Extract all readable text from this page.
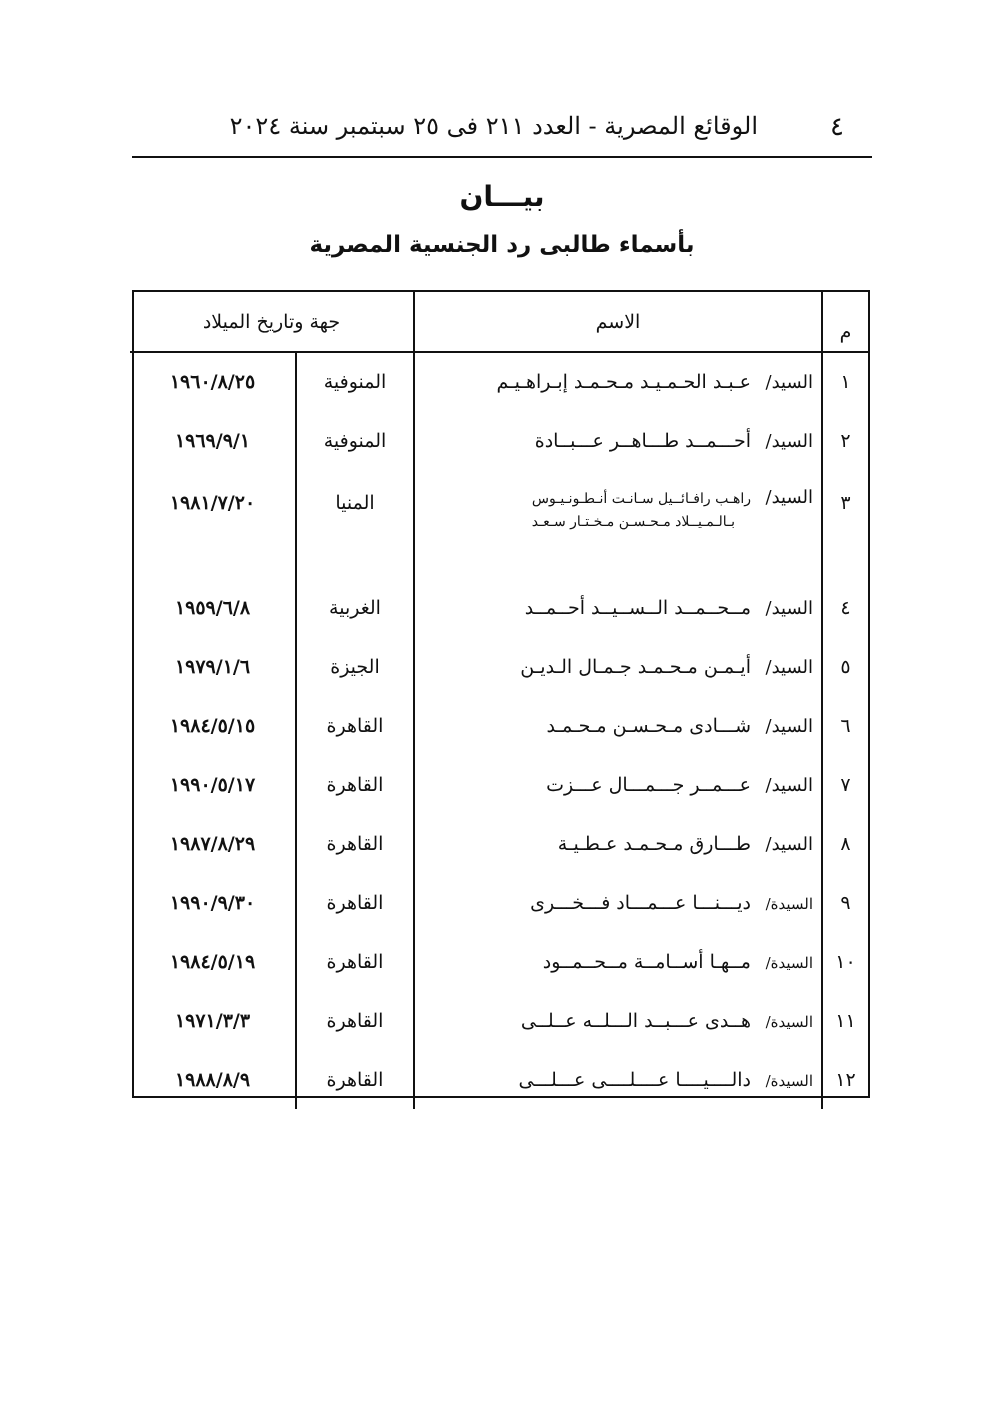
٤
الوقائع المصرية - العدد ٢١١ فى ٢٥ سبتمبر سنة ٢٠٢٤
بيـــان
بأسماء طالبى رد الجنسية المصرية
م	الاسم	جهة وتاريخ الميلاد	
١	السيد/عـبـد الحـمـيـد مـحـمـد إبـراهـيـم	المنوفية	١٩٦٠/٨/٢٥
٢	السيد/أحـــمــد طـــاهــر عـــبــادة	المنوفية	١٩٦٩/٩/١
٣	السيد/راهـب رافـائــيل سـانـت أنـطـونـيـوس
بـالـمـيــلاد مـحـسـن مـخـتـار سـعـد	المنيا	١٩٨١/٧/٢٠
٤	السيد/مــحــمــد الــســيــد أحــمــد	الغربية	١٩٥٩/٦/٨
٥	السيد/أيـمـن مـحـمـد جـمـال الـديـن	الجيزة	١٩٧٩/١/٦
٦	السيد/شـــادى مـحـسـن مـحـمـد	القاهرة	١٩٨٤/٥/١٥
٧	السيد/عـــمــر جـــمـــال عـــزت	القاهرة	١٩٩٠/٥/١٧
٨	السيد/طـــارق مـحـمـد عـطـيـة	القاهرة	١٩٨٧/٨/٢٩
٩	السيدة/ديـــنـــا عـــمـــاد فـــخـــرى	القاهرة	١٩٩٠/٩/٣٠
١٠	السيدة/مــهـا أســامــة مــحــمــود	القاهرة	١٩٨٤/٥/١٩
١١	السيدة/هــدى عـــبــد الـــلــه عــلــى	القاهرة	١٩٧١/٣/٣
١٢	السيدة/دالــــيــــا عــــلــــى عـــلـــى	القاهرة	١٩٨٨/٨/٩
